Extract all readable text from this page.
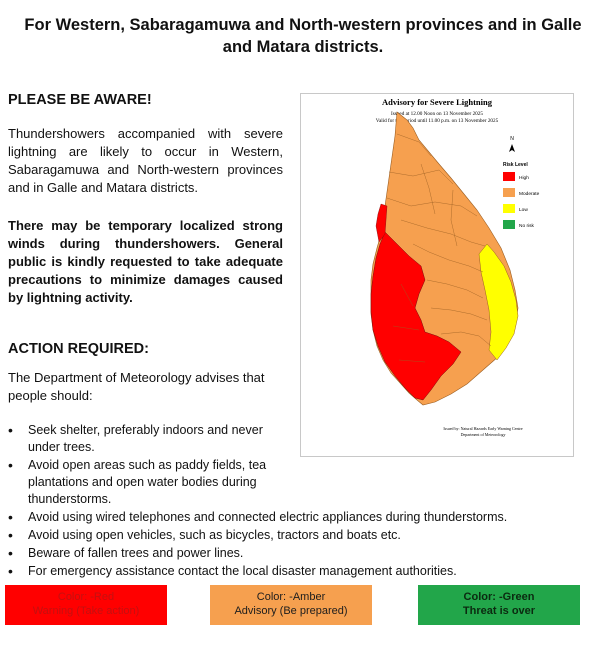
For Western, Sabaragamuwa and North-western provinces and in Galle
and Matara districts.
PLEASE BE AWARE!
Thundershowers accompanied with severe lightning are likely to occur in Western, Sabaragamuwa and North-western provinces and in Galle and Matara districts.
There may be temporary localized strong winds during thundershowers. General public is kindly requested to take adequate precautions to minimize damages caused by lightning activity.
ACTION REQUIRED:
The Department of Meteorology advises that people should:
• Seek shelter, preferably indoors and never under trees.
• Avoid open areas such as paddy fields, tea plantations and open water bodies during thunderstorms.
• Avoid using wired telephones and connected electric appliances during thunderstorms.
• Avoid using open vehicles, such as bicycles, tractors and boats etc.
• Beware of fallen trees and power lines.
• For emergency assistance contact the local disaster management authorities.
Advisory for Severe Lightning
Issued at 12.00 Noon on 13 November 2025
Valid for the period until 11.00 p.m. on 13 November 2025
N
Risk Level
High
Moderate
Low
No risk
Issued by: Natural Hazards Early Warning Centre
Department of Meteorology
Color: -Red
Warning (Take action)
Color: -Amber
Advisory (Be prepared)
Color: -Green
Threat is over
